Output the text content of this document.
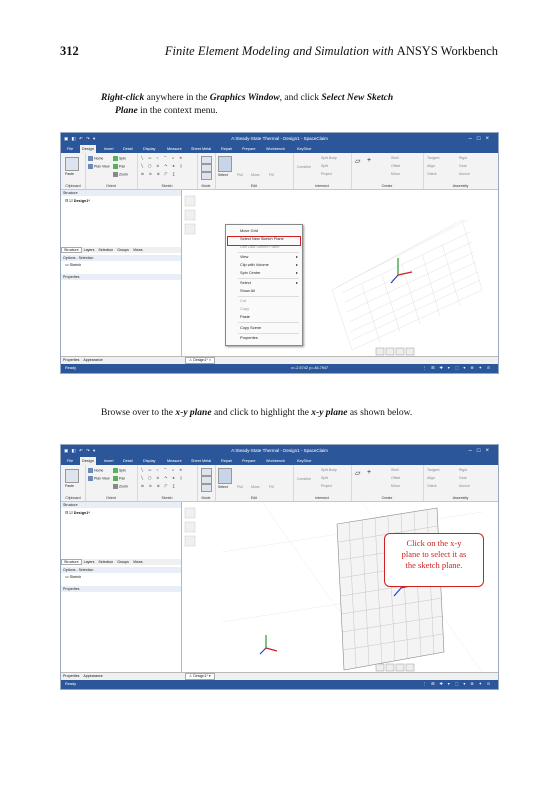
312	Finite Element Modeling and Simulation with ANSYS Workbench
Right-click anywhere in the Graphics Window, and click Select New Sketch
Plane in the context menu.
▣ ◧ ↶ ↷ ▾	A:Steady-State Thermal - Design1 - SpaceClaim	–□×
File	Design	Insert	Detail	Display	Measure	Sheet Metal	Repair	Prepare	Workbench	KeyShot
Paste
Clipboard
Home	Spin
Plan View	Pan
Zoom
Orient
╲ ▭ ○ ⌒ ⟡ ✕
╲ ▢ ⊙ ↷ ∗ ▯
⊘ ⊙ ⊘ ◸ ∑
Sketch	Mode
Select	Pull Move	Fill
Edit
Combine
Split Body
Split
Project
Intersect
▱ +	Shell
Offset
Mirror
Create
Tangent
Align
Orient
Rigid
Gear
Anchor
Assembly
Structure
⊟ ☑ Design1*
Structure Layers Selection Groups Views
Options - Selection
▭ Sketch
Properties
Properties Appearance	⚠ Design1* ×
Ready	x=-2.5742 y=-46.7947	⋮ ⊞ ✚ ▾ ⬚ ▾ ⊕ ✦ ⊙
Move Grid
Select New Sketch Plane
Use Last Sketch Plane
View	▸
Clip with Volume	▸
Spin Center	▸
Select	▸
Show All
Cut
Copy
Paste
Copy Scene
Properties
Browse over to the x-y plane and click to highlight the x-y plane as shown below.
▣ ◧ ↶ ↷ ▾	A:Steady-State Thermal - Design1 - SpaceClaim	–□×
File	Design	Insert	Detail	Display	Measure	Sheet Metal	Repair	Prepare	Workbench	KeyShot
Paste
Clipboard
Home	Spin
Plan View	Pan
Zoom
Orient
╲ ▭ ○ ⌒ ⟡ ✕
╲ ▢ ⊙ ↷ ∗ ▯
⊘ ⊙ ⊘ ◸ ∑
Sketch	Mode
Select	Pull Move	Fill
Edit
Combine
Split Body
Split
Project
Intersect
▱ +	Shell
Offset
Mirror
Create
Tangent
Align
Orient
Rigid
Gear
Anchor
Assembly
Structure
⊟ ☑ Design1*
Structure Layers Selection Groups Views
Options - Selection
▭ Sketch
Properties
Properties Appearance	⚠ Design1* ▾
Ready	⋮ ⊞ ✚ ▾ ⬚ ▾ ⊕ ✦ ⊙
Click on the x-y
plane to select it as
the sketch plane.
